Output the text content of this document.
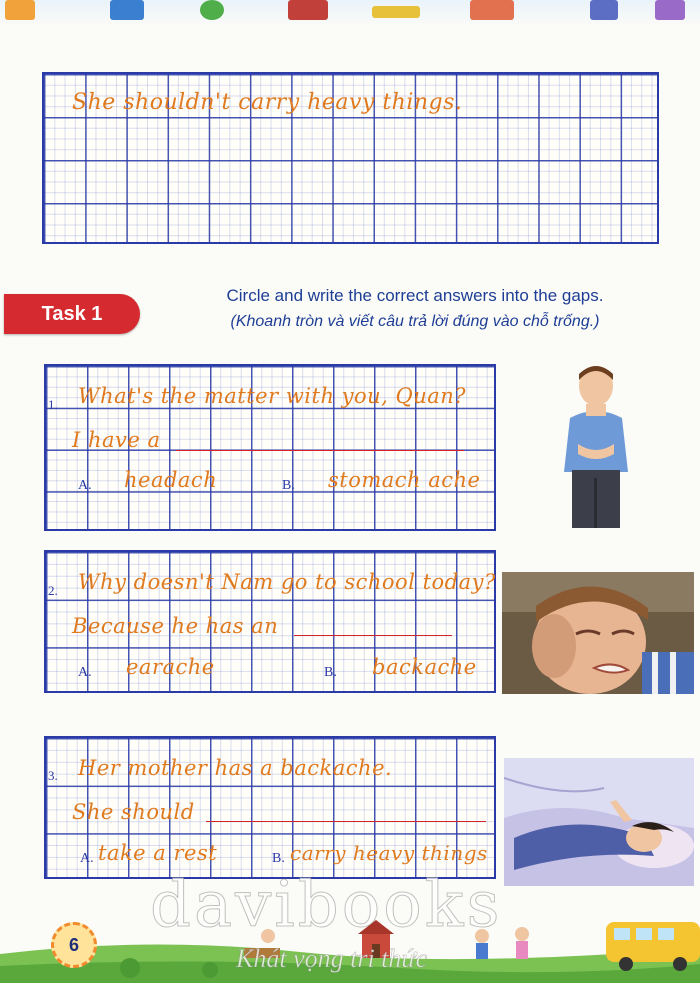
She shouldn't carry heavy things.
Task 1
Circle and write the correct answers into the gaps.
(Khoanh tròn và viết câu trả lời đúng vào chỗ trống.)
1. What's the matter with you, Quan?
I have a
A. headach	B. stomach ache
2. Why doesn't Nam go to school today?
Because he has an
A. earache	B. backache
3. Her mother has a backache.
She should
A. take a rest	B. carry heavy things
6
davibooks
Khát vọng tri thức
